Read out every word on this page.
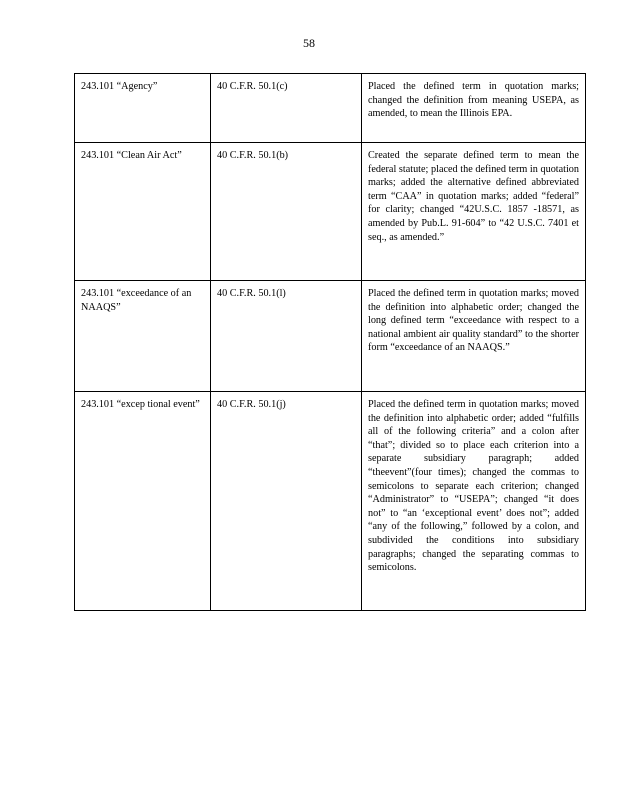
58
243.101 “Agency”	40 C.F.R. 50.1(c)	Placed the defined term in quotation marks; changed the definition from meaning USEPA, as amended, to mean the Illinois EPA.
243.101 “Clean Air Act”	40 C.F.R. 50.1(b)	Created the separate defined term to mean the federal statute; placed the defined term in quotation marks; added the alternative defined abbreviated term “CAA” in quotation marks; added “federal” for clarity; changed “42U.S.C. 1857 -18571, as amended by Pub.L. 91-604” to “42 U.S.C. 7401 et seq., as amended.”
243.101 “exceedance of an NAAQS”	40 C.F.R. 50.1(l)	Placed the defined term in quotation marks; moved the definition into alphabetic order; changed the long defined term “exceedance with respect to a national ambient air quality standard” to the shorter form “exceedance of an NAAQS.”
243.101 “excep tional event”	40 C.F.R. 50.1(j)	Placed the defined term in quotation marks; moved the definition into alphabetic order; added “fulfills all of the following criteria” and a colon after “that”; divided so to place each criterion into a separate subsidiary paragraph; added “theevent”(four times); changed the commas to semicolons to separate each criterion; changed “Administrator” to “USEPA”; changed “it does not” to “an ‘exceptional event’ does not”; added “any of the following,” followed by a colon, and subdivided the conditions into subsidiary paragraphs; changed the separating commas to semicolons.
